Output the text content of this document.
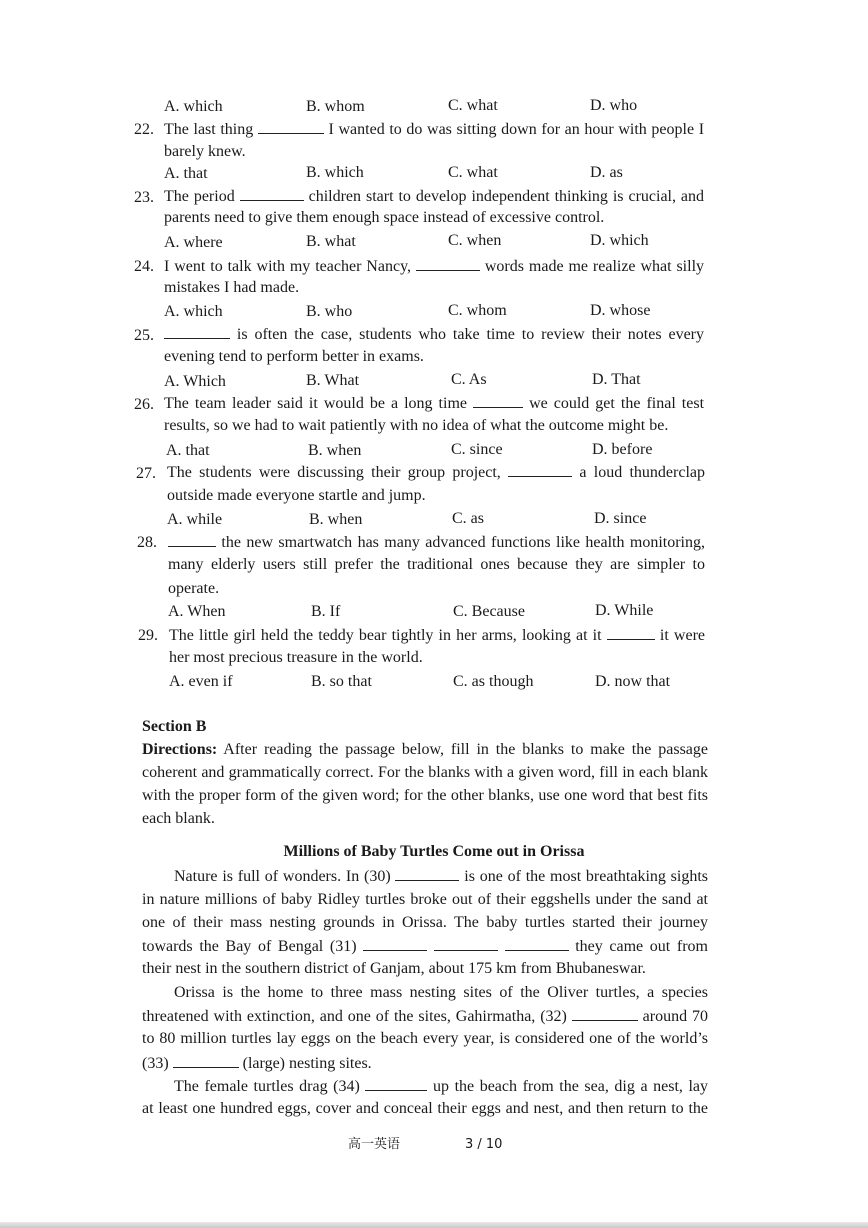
A. which	B. whom	C. what	D. who
22. The last thing	I wanted to do was sitting down for an hour with people I
barely knew.
A. that	B. which	C. what	D. as
23. The period	children start to develop independent thinking is crucial, and
parents need to give them enough space instead of excessive control.
A. where	B. what	C. when	D. which
24. I went to talk with my teacher Nancy,	words made me realize what silly
mistakes I had made.
A. which	B. who	C. whom	D. whose
25.	is often the case, students who take time to review their notes every
evening tend to perform better in exams.
A. Which	B. What	C. As	D. That
26. The team leader said it would be a long time	we could get the final test
results, so we had to wait patiently with no idea of what the outcome might be.
A. that	B. when	C. since	D. before
27. The students were discussing their group project,	a loud thunderclap
outside made everyone startle and jump.
A. while	B. when	C. as	D. since
28.	the new smartwatch has many advanced functions like health monitoring,
many elderly users still prefer the traditional ones because they are simpler to
operate.
A. When	B. If	C. Because	D. While
29. The little girl held the teddy bear tightly in her arms, looking at it	it were
her most precious treasure in the world.
A. even if	B. so that	C. as though	D. now that
Section B
Directions: After reading the passage below, fill in the blanks to make the passage
coherent and grammatically correct. For the blanks with a given word, fill in each blank
with the proper form of the given word; for the other blanks, use one word that best fits
each blank.
Millions of Baby Turtles Come out in Orissa
Nature is full of wonders. In (30)	is one of the most breathtaking sights
in nature millions of baby Ridley turtles broke out of their eggshells under the sand at
one of their mass nesting grounds in Orissa. The baby turtles started their journey
towards the Bay of Bengal (31)	they came out from
their nest in the southern district of Ganjam, about 175 km from Bhubaneswar.
Orissa is the home to three mass nesting sites of the Oliver turtles, a species
threatened with extinction, and one of the sites, Gahirmatha, (32)	around 70
to 80 million turtles lay eggs on the beach every year, is considered one of the world’s
(33)	(large) nesting sites.
The female turtles drag (34)	up the beach from the sea, dig a nest, lay
at least one hundred eggs, cover and conceal their eggs and nest, and then return to the
高一英语	3 / 10
